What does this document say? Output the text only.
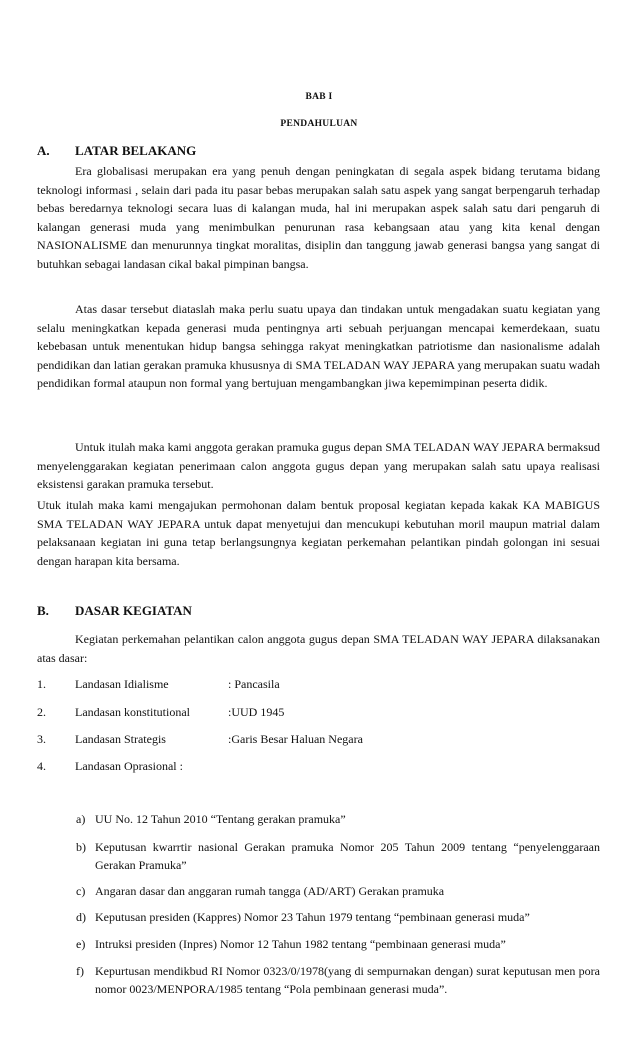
BAB I
PENDAHULUAN
A. LATAR BELAKANG
Era globalisasi merupakan era yang penuh dengan peningkatan di segala aspek bidang terutama bidang teknologi informasi , selain dari pada itu pasar bebas merupakan salah satu aspek yang sangat berpengaruh terhadap bebas beredarnya teknologi secara luas di kalangan muda, hal ini merupakan aspek salah satu dari pengaruh di kalangan generasi muda yang menimbulkan penurunan rasa kebangsaan atau yang kita kenal dengan NASIONALISME dan menurunnya tingkat moralitas, disiplin dan tanggung jawab generasi bangsa yang sangat di butuhkan sebagai landasan cikal bakal pimpinan bangsa.
Atas dasar tersebut diataslah maka perlu suatu upaya dan tindakan untuk mengadakan suatu kegiatan yang selalu meningkatkan kepada generasi muda pentingnya arti sebuah perjuangan mencapai kemerdekaan, suatu kebebasan untuk menentukan hidup bangsa sehingga rakyat meningkatkan patriotisme dan nasionalisme adalah pendidikan dan latian gerakan pramuka khususnya di SMA TELADAN WAY JEPARA yang merupakan suatu wadah pendidikan formal ataupun non formal yang bertujuan mengambangkan jiwa kepemimpinan peserta didik.
Untuk itulah maka kami anggota gerakan pramuka gugus depan SMA TELADAN WAY JEPARA bermaksud menyelenggarakan kegiatan penerimaan calon anggota gugus depan yang merupakan salah satu upaya realisasi eksistensi garakan pramuka tersebut.
Utuk itulah maka kami mengajukan permohonan dalam bentuk proposal kegiatan kepada kakak KA MABIGUS SMA TELADAN WAY JEPARA untuk dapat menyetujui dan mencukupi kebutuhan moril maupun matrial dalam pelaksanaan kegiatan ini guna tetap berlangsungnya kegiatan perkemahan pelantikan pindah golongan ini sesuai dengan harapan kita bersama.
B. DASAR KEGIATAN
Kegiatan perkemahan pelantikan calon anggota gugus depan SMA TELADAN WAY JEPARA dilaksanakan atas dasar:
1. Landasan Idialisme	: Pancasila
2. Landasan konstitutional	:UUD 1945
3. Landasan Strategis	:Garis Besar Haluan Negara
4. Landasan Oprasional :
a) UU No. 12 Tahun 2010 “Tentang gerakan pramuka”
b) Keputusan kwarrtir nasional Gerakan pramuka Nomor 205 Tahun 2009 tentang “penyelenggaraan Gerakan Pramuka”
c) Angaran dasar dan anggaran rumah tangga (AD/ART) Gerakan pramuka
d) Keputusan presiden (Kappres) Nomor 23 Tahun 1979 tentang “pembinaan generasi muda”
e) Intruksi presiden (Inpres) Nomor 12 Tahun 1982 tentang “pembinaan generasi muda”
f) Kepurtusan mendikbud RI Nomor 0323/0/1978(yang di sempurnakan dengan) surat keputusan men pora nomor 0023/MENPORA/1985 tentang “Pola pembinaan generasi muda”.
